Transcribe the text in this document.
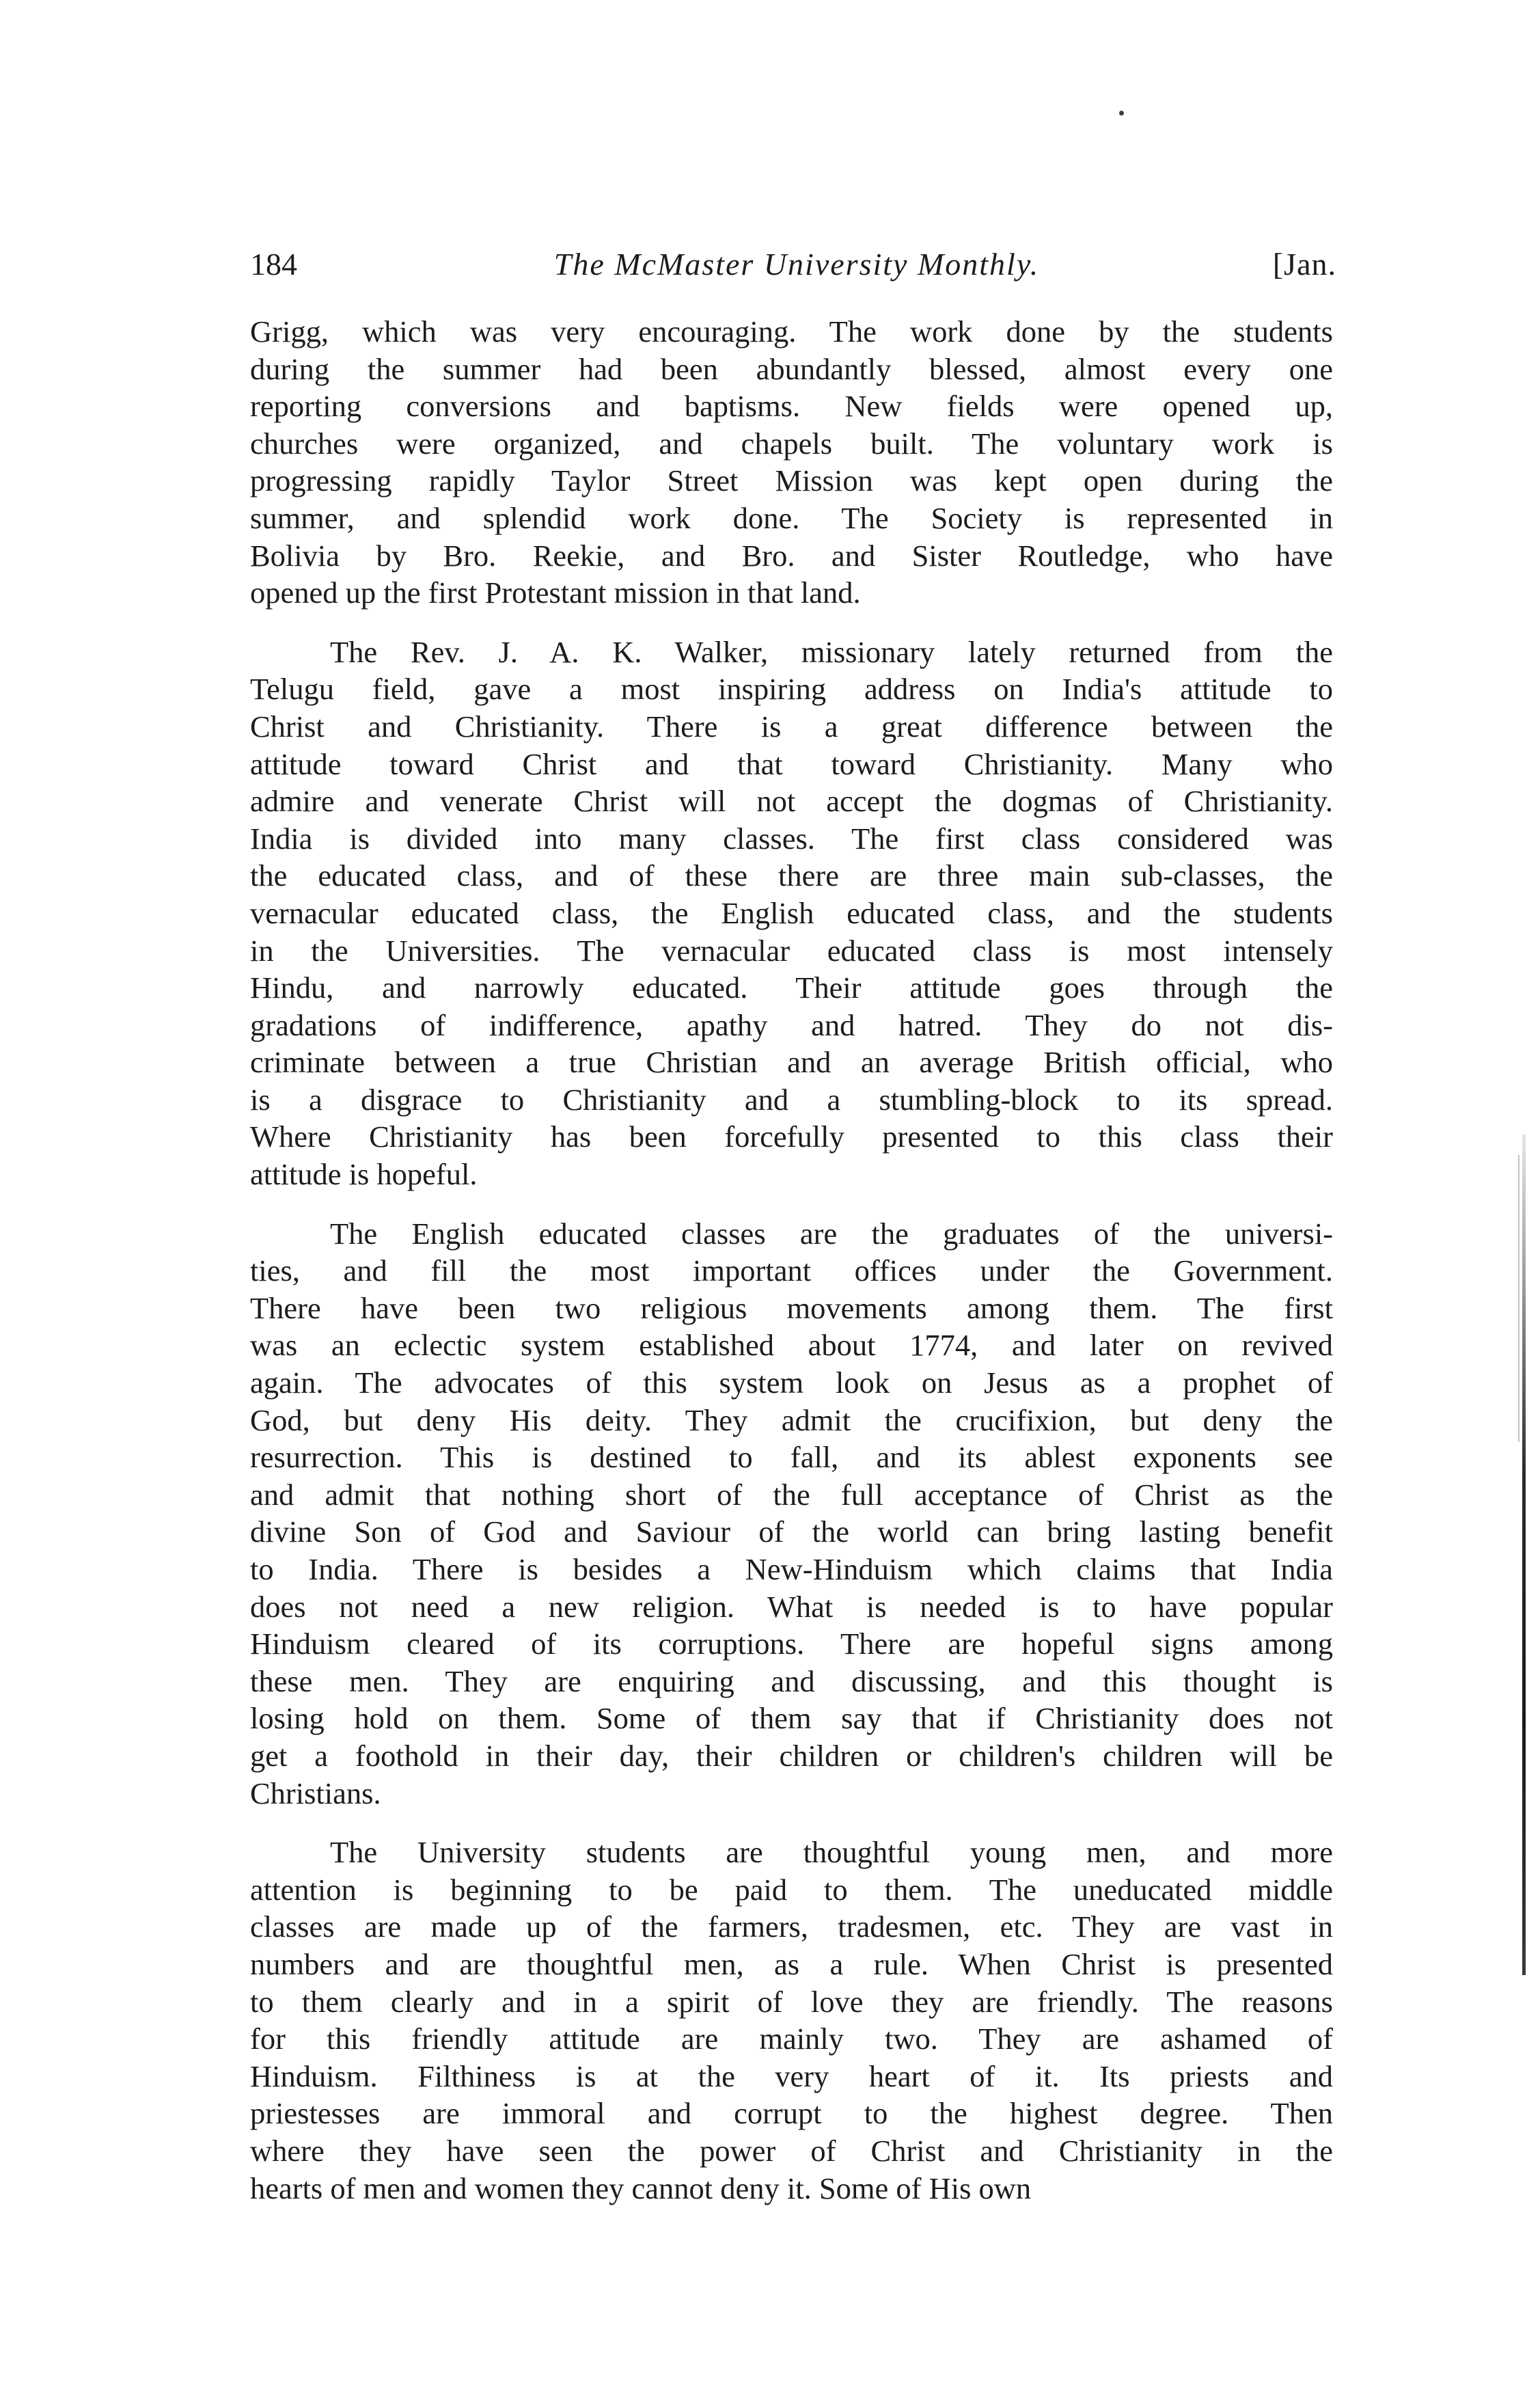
184	The McMaster University Monthly.	[Jan.
Grigg, which was very encouraging. The work done by the students
during the summer had been abundantly blessed, almost every one
reporting conversions and baptisms. New fields were opened up,
churches were organized, and chapels built. The voluntary work is
progressing rapidly Taylor Street Mission was kept open during the
summer, and splendid work done. The Society is represented in
Bolivia by Bro. Reekie, and Bro. and Sister Routledge, who have
opened up the first Protestant mission in that land.
The Rev. J. A. K. Walker, missionary lately returned from the
Telugu field, gave a most inspiring address on India's attitude to
Christ and Christianity. There is a great difference between the
attitude toward Christ and that toward Christianity. Many who
admire and venerate Christ will not accept the dogmas of Christianity.
India is divided into many classes. The first class considered was
the educated class, and of these there are three main sub-classes, the
vernacular educated class, the English educated class, and the students
in the Universities. The vernacular educated class is most intensely
Hindu, and narrowly educated. Their attitude goes through the
gradations of indifference, apathy and hatred. They do not dis-
criminate between a true Christian and an average British official, who
is a disgrace to Christianity and a stumbling-block to its spread.
Where Christianity has been forcefully presented to this class their
attitude is hopeful.
The English educated classes are the graduates of the universi-
ties, and fill the most important offices under the Government.
There have been two religious movements among them. The first
was an eclectic system established about 1774, and later on revived
again. The advocates of this system look on Jesus as a prophet of
God, but deny His deity. They admit the crucifixion, but deny the
resurrection. This is destined to fall, and its ablest exponents see
and admit that nothing short of the full acceptance of Christ as the
divine Son of God and Saviour of the world can bring lasting benefit
to India. There is besides a New-Hinduism which claims that India
does not need a new religion. What is needed is to have popular
Hinduism cleared of its corruptions. There are hopeful signs among
these men. They are enquiring and discussing, and this thought is
losing hold on them. Some of them say that if Christianity does not
get a foothold in their day, their children or children's children will be
Christians.
The University students are thoughtful young men, and more
attention is beginning to be paid to them. The uneducated middle
classes are made up of the farmers, tradesmen, etc. They are vast in
numbers and are thoughtful men, as a rule. When Christ is presented
to them clearly and in a spirit of love they are friendly. The reasons
for this friendly attitude are mainly two. They are ashamed of
Hinduism. Filthiness is at the very heart of it. Its priests and
priestesses are immoral and corrupt to the highest degree. Then
where they have seen the power of Christ and Christianity in the
hearts of men and women they cannot deny it. Some of His own
